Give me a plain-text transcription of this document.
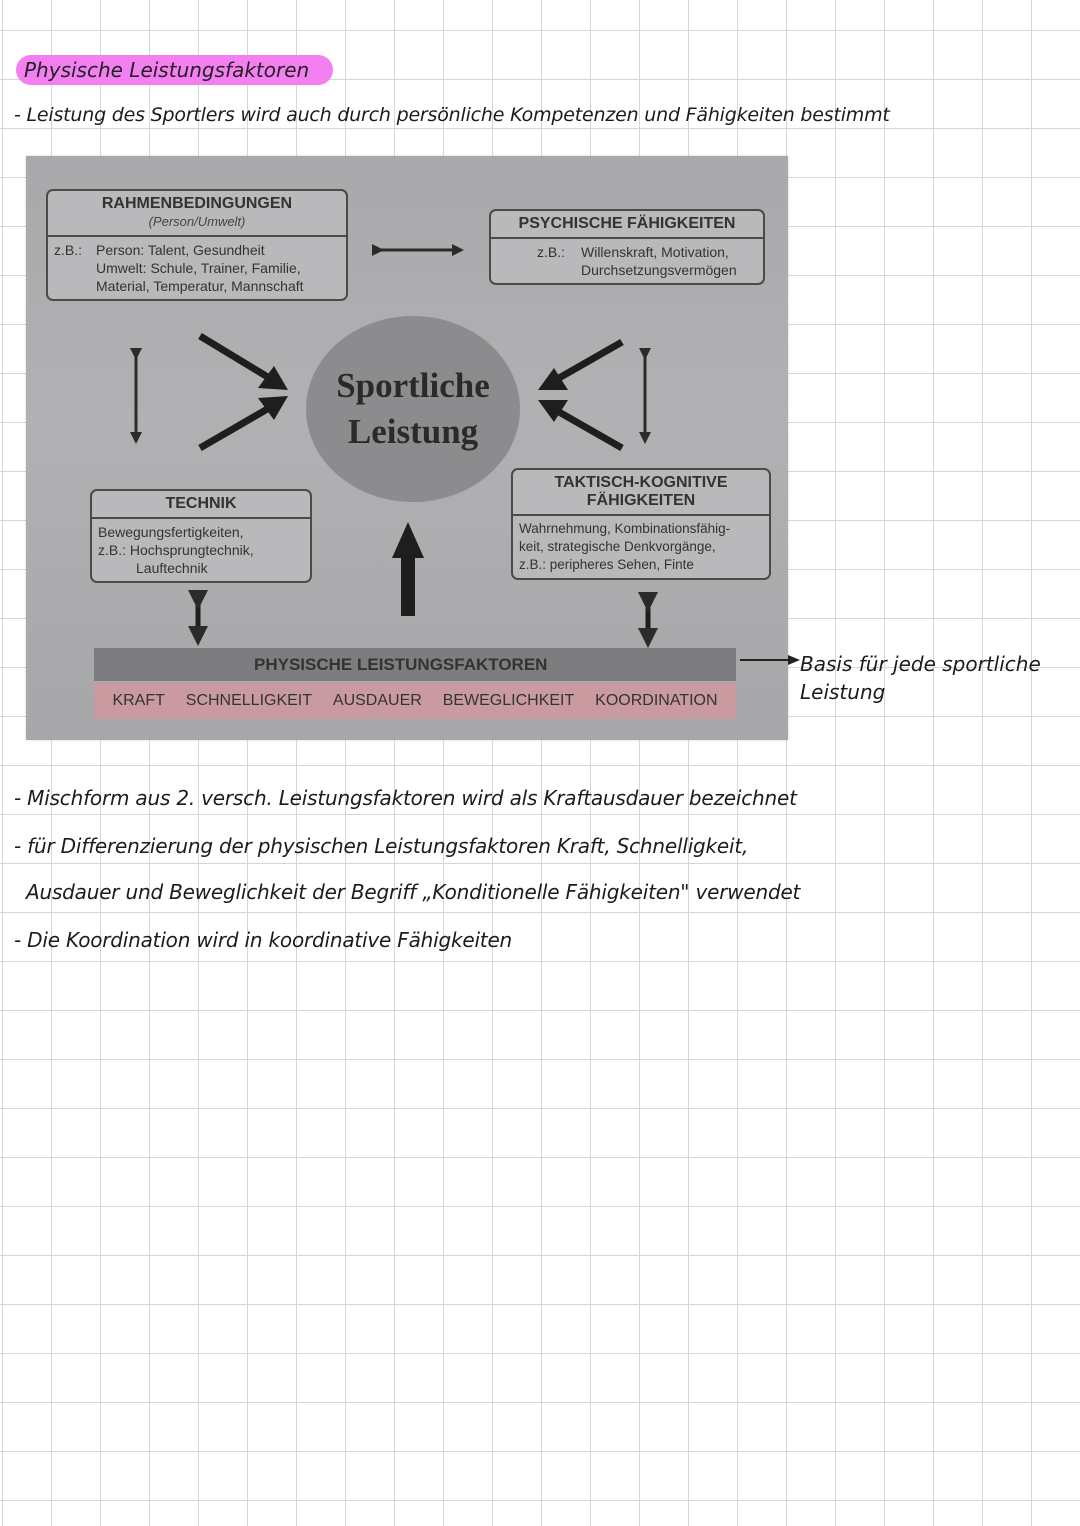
Physische Leistungsfaktoren
- Leistung des Sportlers wird auch durch persönliche Kompetenzen und Fähigkeiten bestimmt
RAHMENBEDINGUNGEN
(Person/Umwelt)
z.B.: Person: Talent, Gesundheit
Umwelt: Schule, Trainer, Familie,
Material, Temperatur, Mannschaft
PSYCHISCHE FÄHIGKEITEN
z.B.:	Willenskraft, Motivation,
Durchsetzungsvermögen
Sportliche
Leistung
TECHNIK
Bewegungsfertigkeiten,
z.B.: Hochsprungtechnik,
Lauftechnik
TAKTISCH-KOGNITIVE
FÄHIGKEITEN
Wahrnehmung, Kombinationsfähig-
keit, strategische Denkvorgänge,
z.B.: peripheres Sehen, Finte
PHYSISCHE LEISTUNGSFAKTOREN
KRAFT SCHNELLIGKEIT AUSDAUER BEWEGLICHKEIT KOORDINATION
Basis für jede sportliche Leistung
- Mischform aus 2. versch. Leistungsfaktoren wird als Kraftausdauer bezeichnet
- für Differenzierung der physischen Leistungsfaktoren Kraft, Schnelligkeit,
Ausdauer und Beweglichkeit der Begriff „Konditionelle Fähigkeiten" verwendet
- Die Koordination wird in koordinative Fähigkeiten
